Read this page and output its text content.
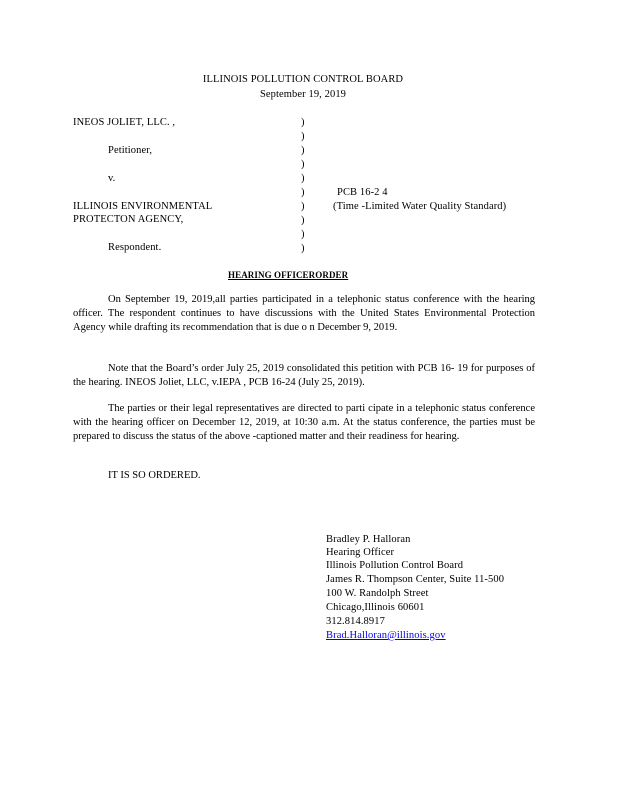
ILLINOIS POLLUTION CONTROL BOARD
September 19, 2019
INEOS JOLIET, LLC. ,
Petitioner,
v.
ILLINOIS ENVIRONMENTAL
PROTECTON AGENCY,
Respondent.
)
)
)
)
)
)
)
)
)
)
PCB 16-2 4
(Time -Limited Water Quality Standard)
HEARING OFFICERORDER
On September 19, 2019,all parties participated in a telephonic status conference with the hearing officer. The respondent continues to have discussions with the United States Environmental Protection Agency while drafting its recommendation that is due o n December 9, 2019.
Note that the Board’s order July 25, 2019 consolidated this petition with PCB 16- 19 for purposes of the hearing. INEOS Joliet, LLC, v.IEPA , PCB 16-24 (July 25, 2019).
The parties or their legal representatives are directed to parti cipate in a telephonic status conference with the hearing officer on December 12, 2019, at 10:30 a.m. At the status conference, the parties must be prepared to discuss the status of the above -captioned matter and their readiness for hearing.
IT IS SO ORDERED.
Bradley P. Halloran
Hearing Officer
Illinois Pollution Control Board
James R. Thompson Center, Suite 11-500
100 W. Randolph Street
Chicago,Illinois 60601
312.814.8917
Brad.Halloran@illinois.gov
